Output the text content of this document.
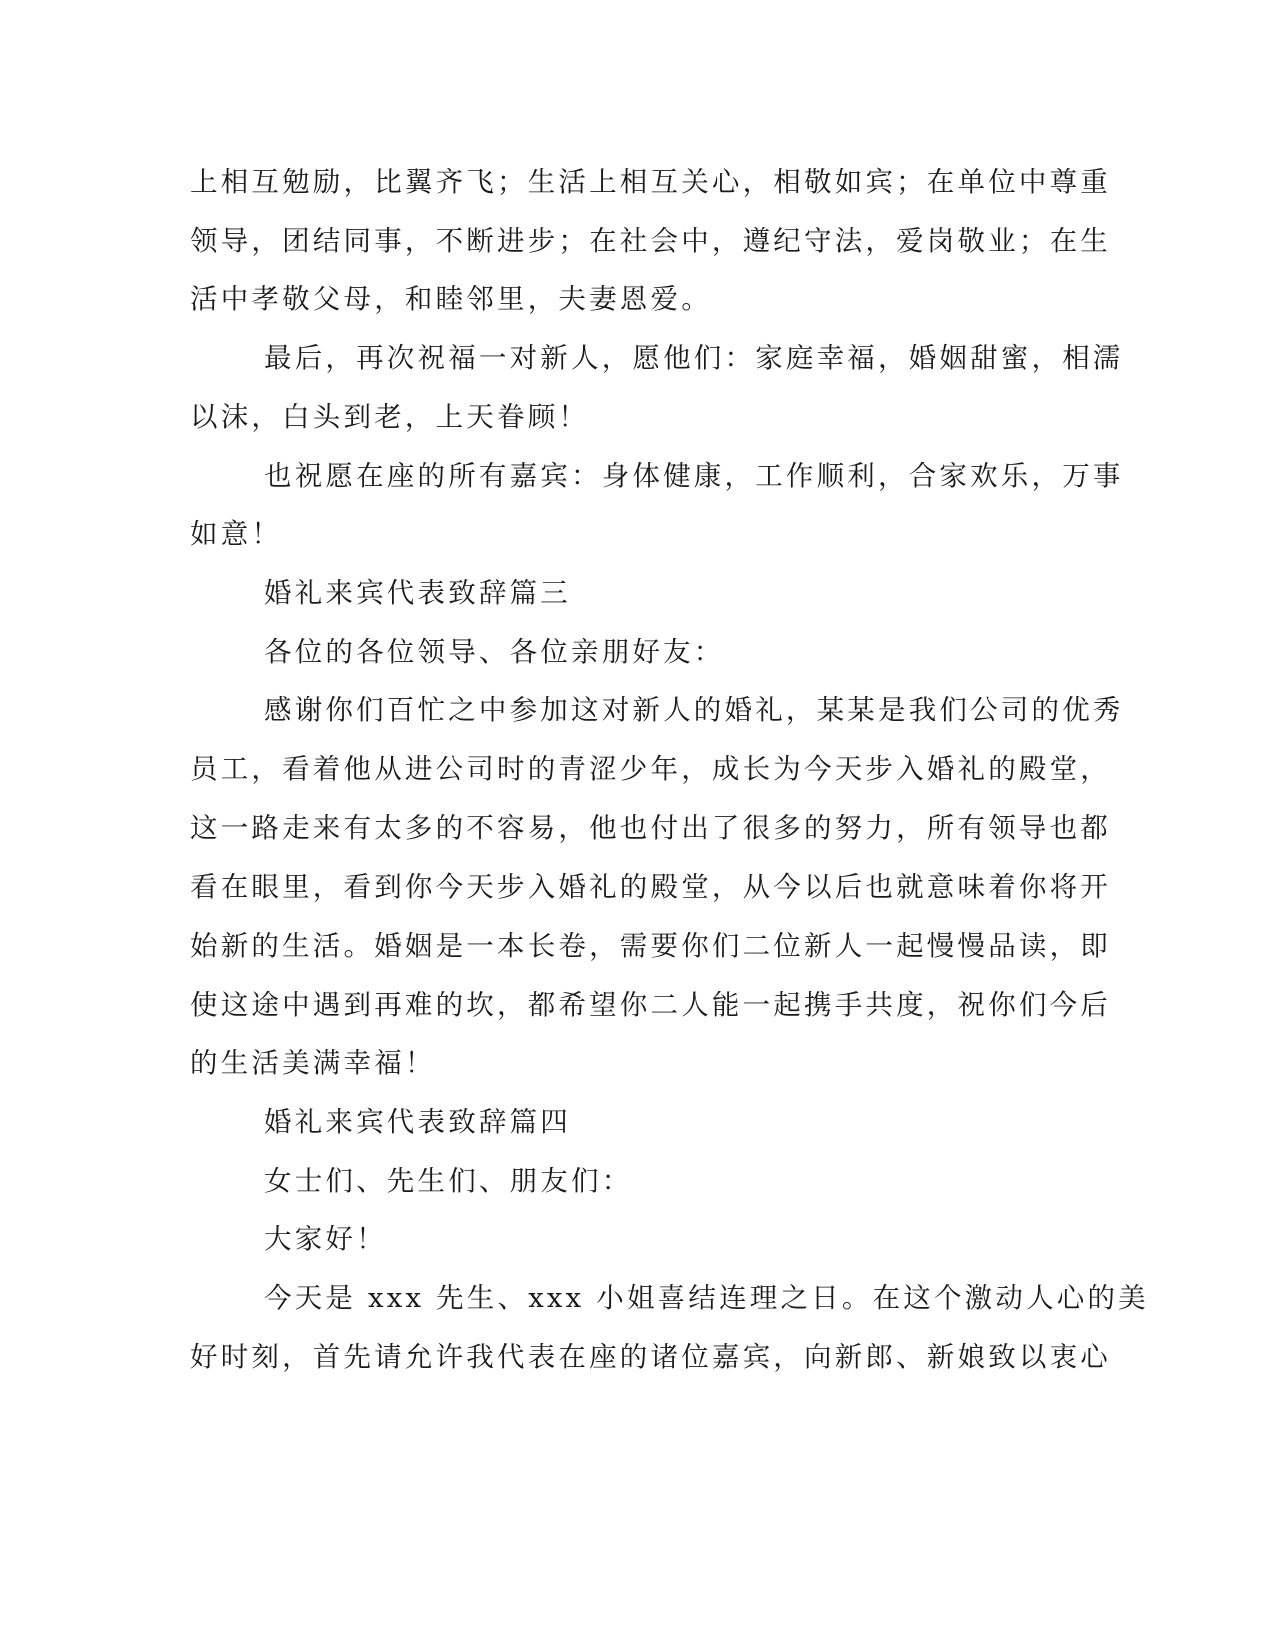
上相互勉励，比翼齐飞；生活上相互关心，相敬如宾；在单位中尊重
领导，团结同事，不断进步；在社会中，遵纪守法，爱岗敬业；在生
活中孝敬父母，和睦邻里，夫妻恩爱。
最后，再次祝福一对新人，愿他们：家庭幸福，婚姻甜蜜，相濡
以沫，白头到老，上天眷顾！
也祝愿在座的所有嘉宾：身体健康，工作顺利，合家欢乐，万事
如意！
婚礼来宾代表致辞篇三
各位的各位领导、各位亲朋好友：
感谢你们百忙之中参加这对新人的婚礼，某某是我们公司的优秀
员工，看着他从进公司时的青涩少年，成长为今天步入婚礼的殿堂，
这一路走来有太多的不容易，他也付出了很多的努力，所有领导也都
看在眼里，看到你今天步入婚礼的殿堂，从今以后也就意味着你将开
始新的生活。婚姻是一本长卷，需要你们二位新人一起慢慢品读，即
使这途中遇到再难的坎，都希望你二人能一起携手共度，祝你们今后
的生活美满幸福！
婚礼来宾代表致辞篇四
女士们、先生们、朋友们：
大家好！
今天是 xxx 先生、xxx 小姐喜结连理之日。在这个激动人心的美
好时刻，首先请允许我代表在座的诸位嘉宾，向新郎、新娘致以衷心
